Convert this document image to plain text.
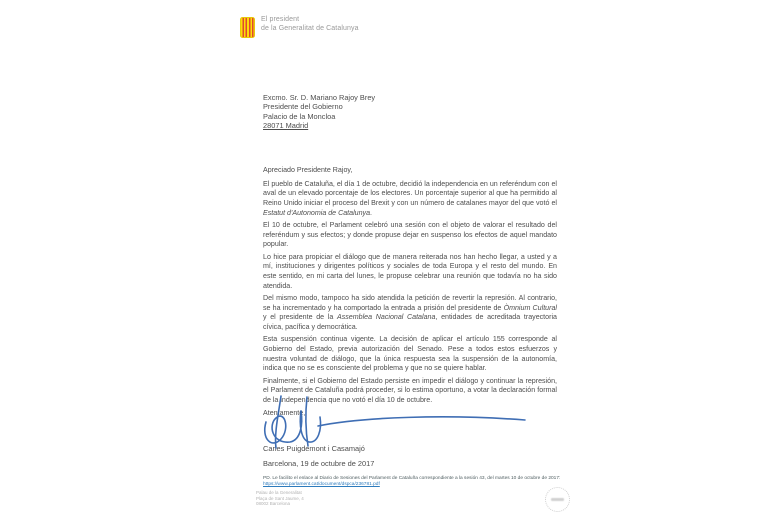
El president
de la Generalitat de Catalunya
Excmo. Sr. D. Mariano Rajoy Brey
Presidente del Gobierno
Palacio de la Moncloa
28071 Madrid

Apreciado Presidente Rajoy,

El pueblo de Cataluña, el día 1 de octubre, decidió la independencia en un referéndum con el aval de un elevado porcentaje de los electores. Un porcentaje superior al que ha permitido al Reino Unido iniciar el proceso del Brexit y con un número de catalanes mayor del que votó el Estatut d'Autonomia de Catalunya.

El 10 de octubre, el Parlament celebró una sesión con el objeto de valorar el resultado del referéndum y sus efectos; y donde propuse dejar en suspenso los efectos de aquel mandato popular.

Lo hice para propiciar el diálogo que de manera reiterada nos han hecho llegar, a usted y a mí, instituciones y dirigentes políticos y sociales de toda Europa y el resto del mundo. En este sentido, en mi carta del lunes, le propuse celebrar una reunión que todavía no ha sido atendida.

Del mismo modo, tampoco ha sido atendida la petición de revertir la represión. Al contrario, se ha incrementado y ha comportado la entrada a prisión del presidente de Òmnium Cultural y el presidente de la Assemblea Nacional Catalana, entidades de acreditada trayectoria cívica, pacífica y democrática.

Esta suspensión continua vigente. La decisión de aplicar el artículo 155 corresponde al Gobierno del Estado, previa autorización del Senado. Pese a todos estos esfuerzos y nuestra voluntad de diálogo, que la única respuesta sea la suspensión de la autonomía, indica que no se es consciente del problema y que no se quiere hablar.

Finalmente, si el Gobierno del Estado persiste en impedir el diálogo y continuar la represión, el Parlament de Cataluña podrá proceder, si lo estima oportuno, a votar la declaración formal de la independencia que no votó el día 10 de octubre.

Atentamente,

Carles Puigdemont i Casamajó

Barcelona, 19 de octubre de 2017

PD. Le facilito el enlace al Diario de Sesiones del Parlament de Cataluña correspondiente a la sesión 43, del martes 10 de octubre de 2017: https://www.parlament.cat/document/dspca/236781.pdf

Palau de la Generalitat
Plaça de Sant Jaume, 4
08002 Barcelona
